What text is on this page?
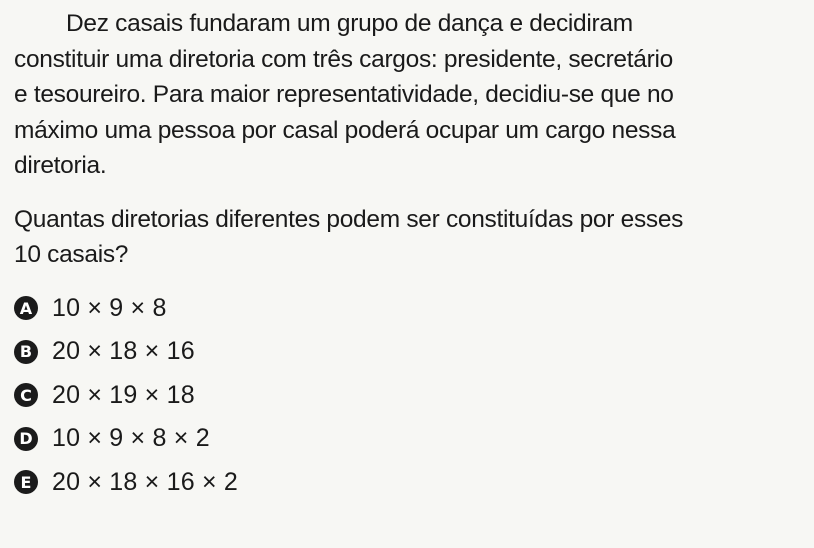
Dez casais fundaram um grupo de dança e decidiram
constituir uma diretoria com três cargos: presidente, secretário
e tesoureiro. Para maior representatividade, decidiu-se que no
máximo uma pessoa por casal poderá ocupar um cargo nessa
diretoria.

Quantas diretorias diferentes podem ser constituídas por esses
10 casais?

A 10 × 9 × 8
B 20 × 18 × 16
C 20 × 19 × 18
D 10 × 9 × 8 × 2
E 20 × 18 × 16 × 2
